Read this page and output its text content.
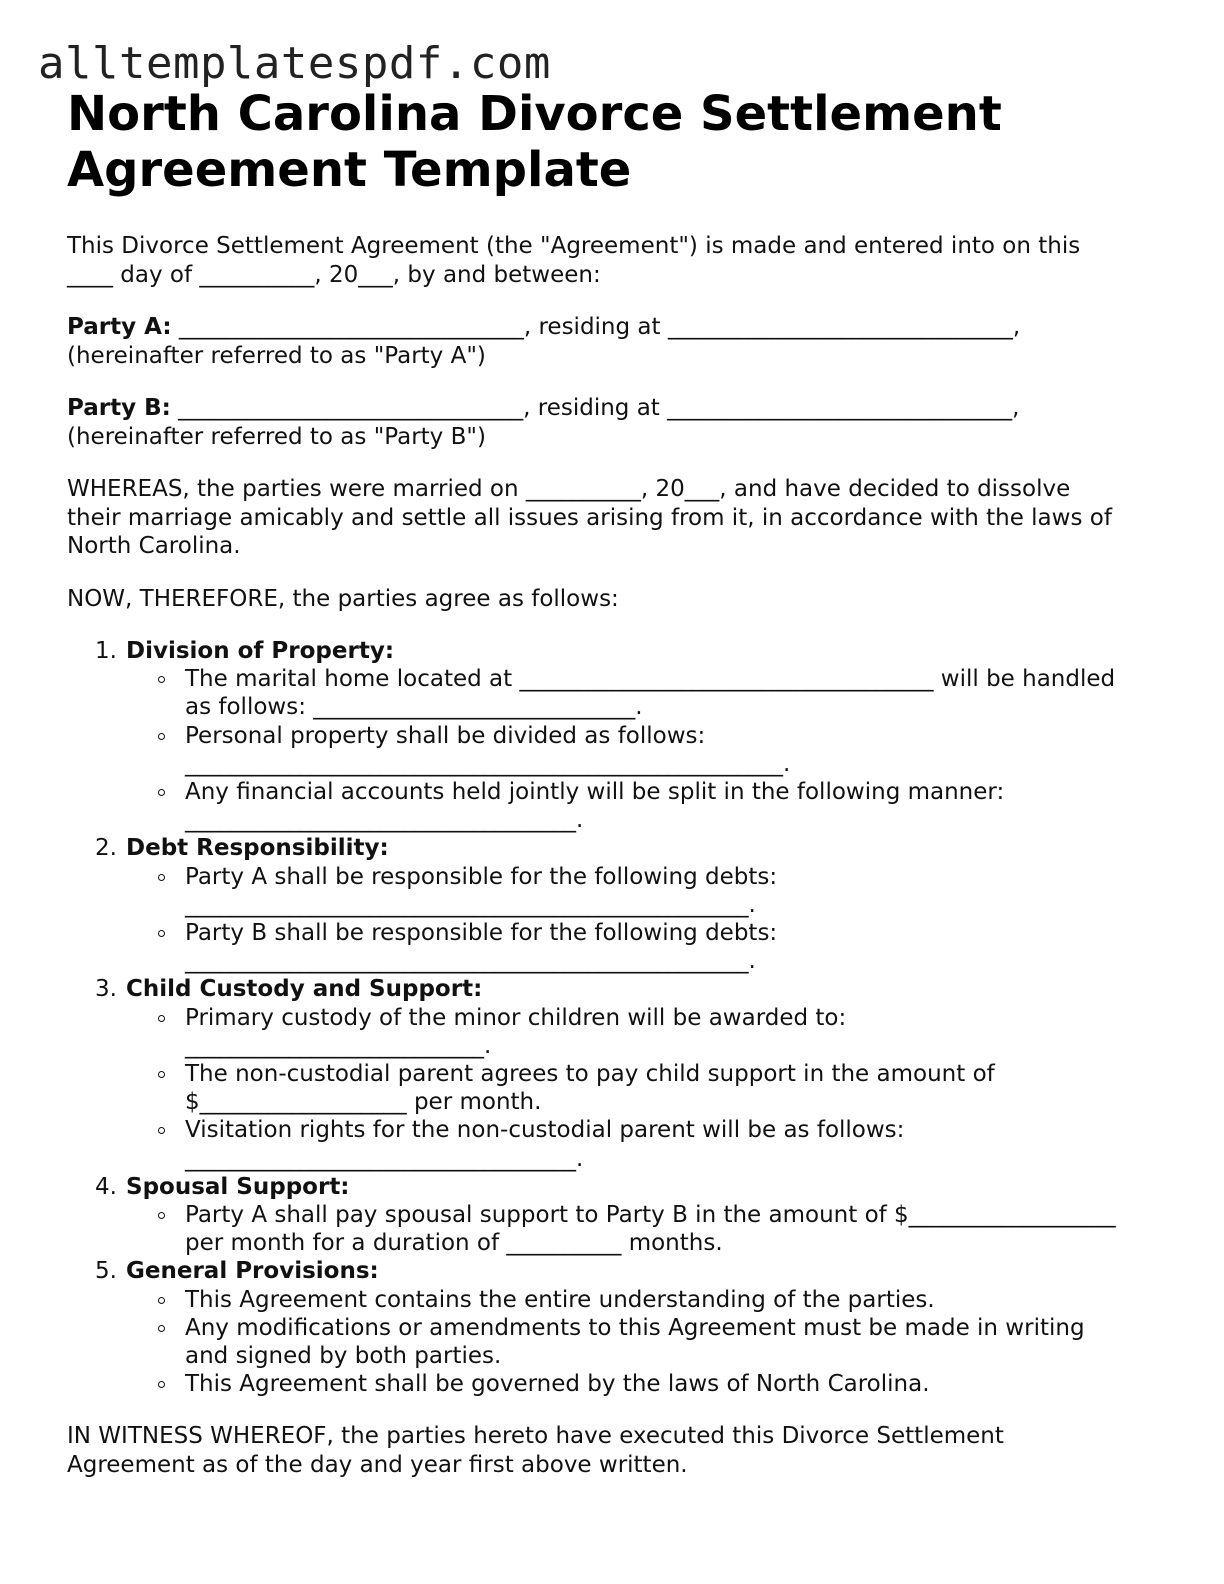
alltemplatespdf.com
North Carolina Divorce Settlement
Agreement Template

This Divorce Settlement Agreement (the "Agreement") is made and entered into on this
____ day of __________, 20___, by and between:

Party A: ______________________________, residing at ______________________________,
(hereinafter referred to as "Party A")

Party B: ______________________________, residing at ______________________________,
(hereinafter referred to as "Party B")

WHEREAS, the parties were married on __________, 20___, and have decided to dissolve
their marriage amicably and settle all issues arising from it, in accordance with the laws of
North Carolina.

NOW, THEREFORE, the parties agree as follows:

1. Division of Property:
The marital home located at ____________________________________ will be handled
as follows: ____________________________.
Personal property shall be divided as follows:
____________________________________________________.
Any financial accounts held jointly will be split in the following manner:
__________________________________.
2. Debt Responsibility:
Party A shall be responsible for the following debts:
_________________________________________________.
Party B shall be responsible for the following debts:
_________________________________________________.
3. Child Custody and Support:
Primary custody of the minor children will be awarded to:
__________________________.
The non-custodial parent agrees to pay child support in the amount of
$__________________ per month.
Visitation rights for the non-custodial parent will be as follows:
__________________________________.
4. Spousal Support:
Party A shall pay spousal support to Party B in the amount of $__________________
per month for a duration of __________ months.
5. General Provisions:
This Agreement contains the entire understanding of the parties.
Any modifications or amendments to this Agreement must be made in writing
and signed by both parties.
This Agreement shall be governed by the laws of North Carolina.

IN WITNESS WHEREOF, the parties hereto have executed this Divorce Settlement
Agreement as of the day and year first above written.
